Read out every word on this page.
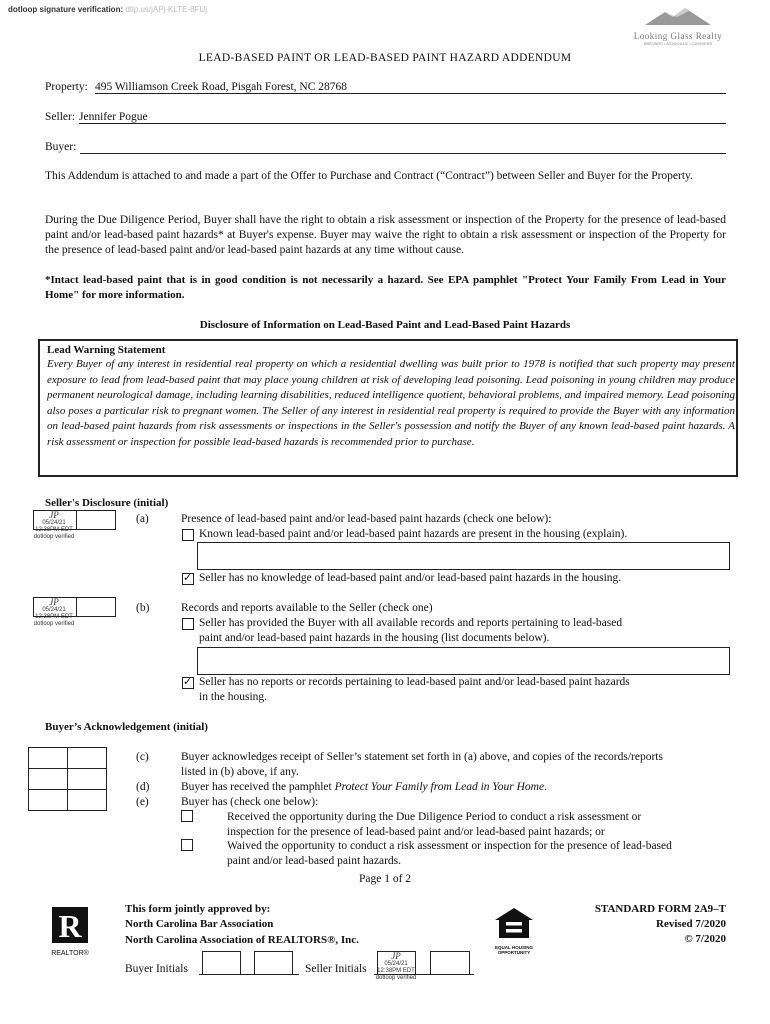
dotloop signature verification: dtlp.us/jAPj-KLTE-8FUj
Looking Glass Realty
BREVARD • ASHEVILLE • CASHIERS
LEAD-BASED PAINT OR LEAD-BASED PAINT HAZARD ADDENDUM
Property: 495 Williamson Creek Road, Pisgah Forest, NC 28768
Seller: Jennifer Pogue
Buyer:
This Addendum is attached to and made a part of the Offer to Purchase and Contract (“Contract”) between Seller and Buyer for the Property.
During the Due Diligence Period, Buyer shall have the right to obtain a risk assessment or inspection of the Property for the presence of lead-based paint and/or lead-based paint hazards* at Buyer's expense. Buyer may waive the right to obtain a risk assessment or inspection of the Property for the presence of lead-based paint and/or lead-based paint hazards at any time without cause.
*Intact lead-based paint that is in good condition is not necessarily a hazard. See EPA pamphlet "Protect Your Family From Lead in Your Home" for more information.
Disclosure of Information on Lead-Based Paint and Lead-Based Paint Hazards
Lead Warning Statement
Every Buyer of any interest in residential real property on which a residential dwelling was built prior to 1978 is notified that such property may present exposure to lead from lead-based paint that may place young children at risk of developing lead poisoning. Lead poisoning in young children may produce permanent neurological damage, including learning disabilities, reduced intelligence quotient, behavioral problems, and impaired memory. Lead poisoning also poses a particular risk to pregnant women. The Seller of any interest in residential real property is required to provide the Buyer with any information on lead-based paint hazards from risk assessments or inspections in the Seller's possession and notify the Buyer of any known lead-based paint hazards. A risk assessment or inspection for possible lead-based hazards is recommended prior to purchase.
Seller's Disclosure (initial)
JP
05/24/21
12:38PM EDT
dotloop verified
(a)	Presence of lead-based paint and/or lead-based paint hazards (check one below):
Known lead-based paint and/or lead-based paint hazards are present in the housing (explain).
✓
Seller has no knowledge of lead-based paint and/or lead-based paint hazards in the housing.
JP
05/24/21
12:38PM EDT
dotloop verified
(b)	Records and reports available to the Seller (check one)
Seller has provided the Buyer with all available records and reports pertaining to lead-based
paint and/or lead-based paint hazards in the housing (list documents below).
✓
Seller has no reports or records pertaining to lead-based paint and/or lead-based paint hazards
in the housing.
Buyer’s Acknowledgement (initial)
(c)	Buyer acknowledges receipt of Seller’s statement set forth in (a) above, and copies of the records/reports
listed in (b) above, if any.
(d)	Buyer has received the pamphlet Protect Your Family from Lead in Your Home.
(e)	Buyer has (check one below):
Received the opportunity during the Due Diligence Period to conduct a risk assessment or
inspection for the presence of lead-based paint and/or lead-based paint hazards; or
Waived the opportunity to conduct a risk assessment or inspection for the presence of lead-based
paint and/or lead-based paint hazards.
Page 1 of 2
R
REALTOR®
This form jointly approved by:
North Carolina Bar Association
North Carolina Association of REALTORS®, Inc.
EQUAL HOUSING
OPPORTUNITY
STANDARD FORM 2A9–T
Revised 7/2020
© 7/2020
Buyer Initials	Seller Initials
JP
05/24/21
12:38PM EDT
dotloop verified
